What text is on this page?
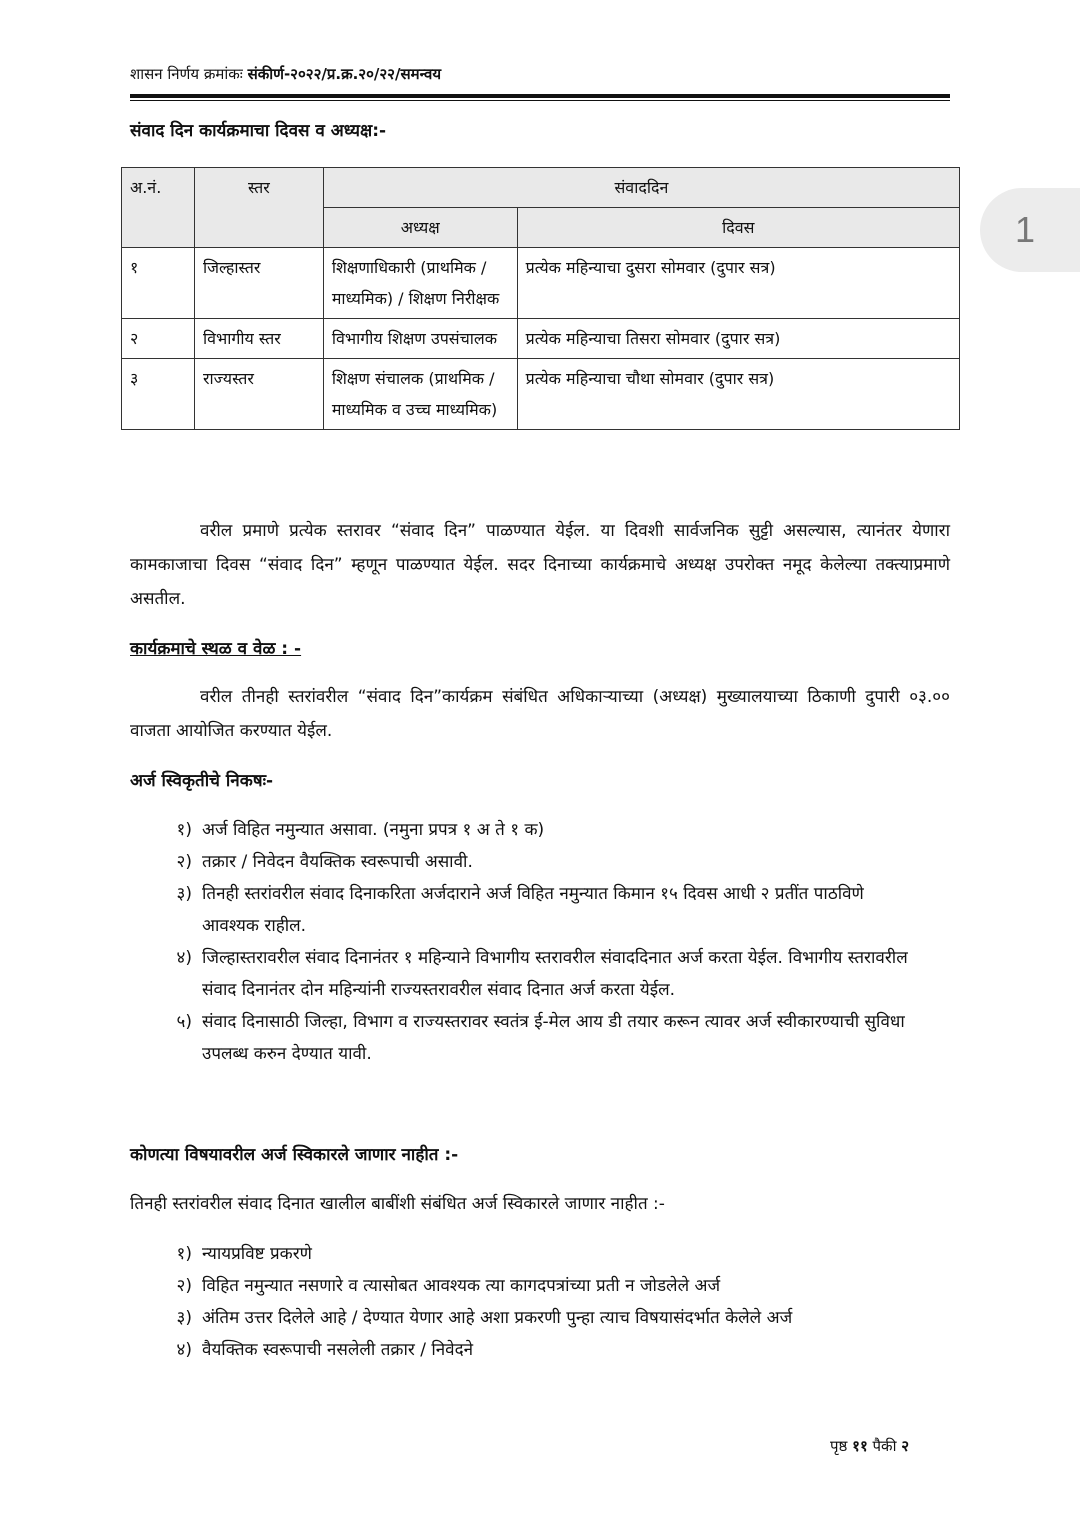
शासन निर्णय क्रमांकः संकीर्ण-२०२२/प्र.क्र.२०/२२/समन्वय
1
संवाद दिन कार्यक्रमाचा दिवस व अध्यक्ष:-
अ.नं.	स्तर	संवाददिन	
		अध्यक्ष	दिवस
१	जिल्हास्तर	शिक्षणाधिकारी (प्राथमिक / माध्यमिक) / शिक्षण निरीक्षक	प्रत्येक महिन्याचा दुसरा सोमवार (दुपार सत्र)
२	विभागीय स्तर	विभागीय शिक्षण उपसंचालक	प्रत्येक महिन्याचा तिसरा सोमवार (दुपार सत्र)
३	राज्यस्तर	शिक्षण संचालक (प्राथमिक / माध्यमिक व उच्च माध्यमिक)	प्रत्येक महिन्याचा चौथा सोमवार (दुपार सत्र)
वरील प्रमाणे प्रत्येक स्तरावर “संवाद दिन” पाळण्यात येईल. या दिवशी सार्वजनिक सुट्टी असल्यास, त्यानंतर येणारा कामकाजाचा दिवस “संवाद दिन” म्हणून पाळण्यात येईल. सदर दिनाच्या कार्यक्रमाचे अध्यक्ष उपरोक्त नमूद केलेल्या तक्त्याप्रमाणे असतील.
कार्यक्रमाचे स्थळ व वेळ : -
वरील तीनही स्तरांवरील “संवाद दिन”कार्यक्रम संबंधित अधिकाऱ्याच्या (अध्यक्ष) मुख्यालयाच्या ठिकाणी दुपारी ०३.०० वाजता आयोजित करण्यात येईल.
अर्ज स्विकृतीचे निकषः-
१) अर्ज विहित नमुन्यात असावा. (नमुना प्रपत्र १ अ ते १ क)
२) तक्रार / निवेदन वैयक्तिक स्वरूपाची असावी.
३) तिनही स्तरांवरील संवाद दिनाकरिता अर्जदाराने अर्ज विहित नमुन्यात किमान १५ दिवस आधी २ प्रतींत पाठविणे आवश्यक राहील.
४) जिल्हास्तरावरील संवाद दिनानंतर १ महिन्याने विभागीय स्तरावरील संवाददिनात अर्ज करता येईल. विभागीय स्तरावरील संवाद दिनानंतर दोन महिन्यांनी राज्यस्तरावरील संवाद दिनात अर्ज करता येईल.
५) संवाद दिनासाठी जिल्हा, विभाग व राज्यस्तरावर स्वतंत्र ई-मेल आय डी तयार करून त्यावर अर्ज स्वीकारण्याची सुविधा उपलब्ध करुन देण्यात यावी.
कोणत्या विषयावरील अर्ज स्विकारले जाणार नाहीत :-
तिनही स्तरांवरील संवाद दिनात खालील बाबींशी संबंधित अर्ज स्विकारले जाणार नाहीत :-
१) न्यायप्रविष्ट प्रकरणे
२) विहित नमुन्यात नसणारे व त्यासोबत आवश्यक त्या कागदपत्रांच्या प्रती न जोडलेले अर्ज
३) अंतिम उत्तर दिलेले आहे / देण्यात येणार आहे अशा प्रकरणी पुन्हा त्याच विषयासंदर्भात केलेले अर्ज
४) वैयक्तिक स्वरूपाची नसलेली तक्रार / निवेदने
पृष्ठ ११ पैकी २
